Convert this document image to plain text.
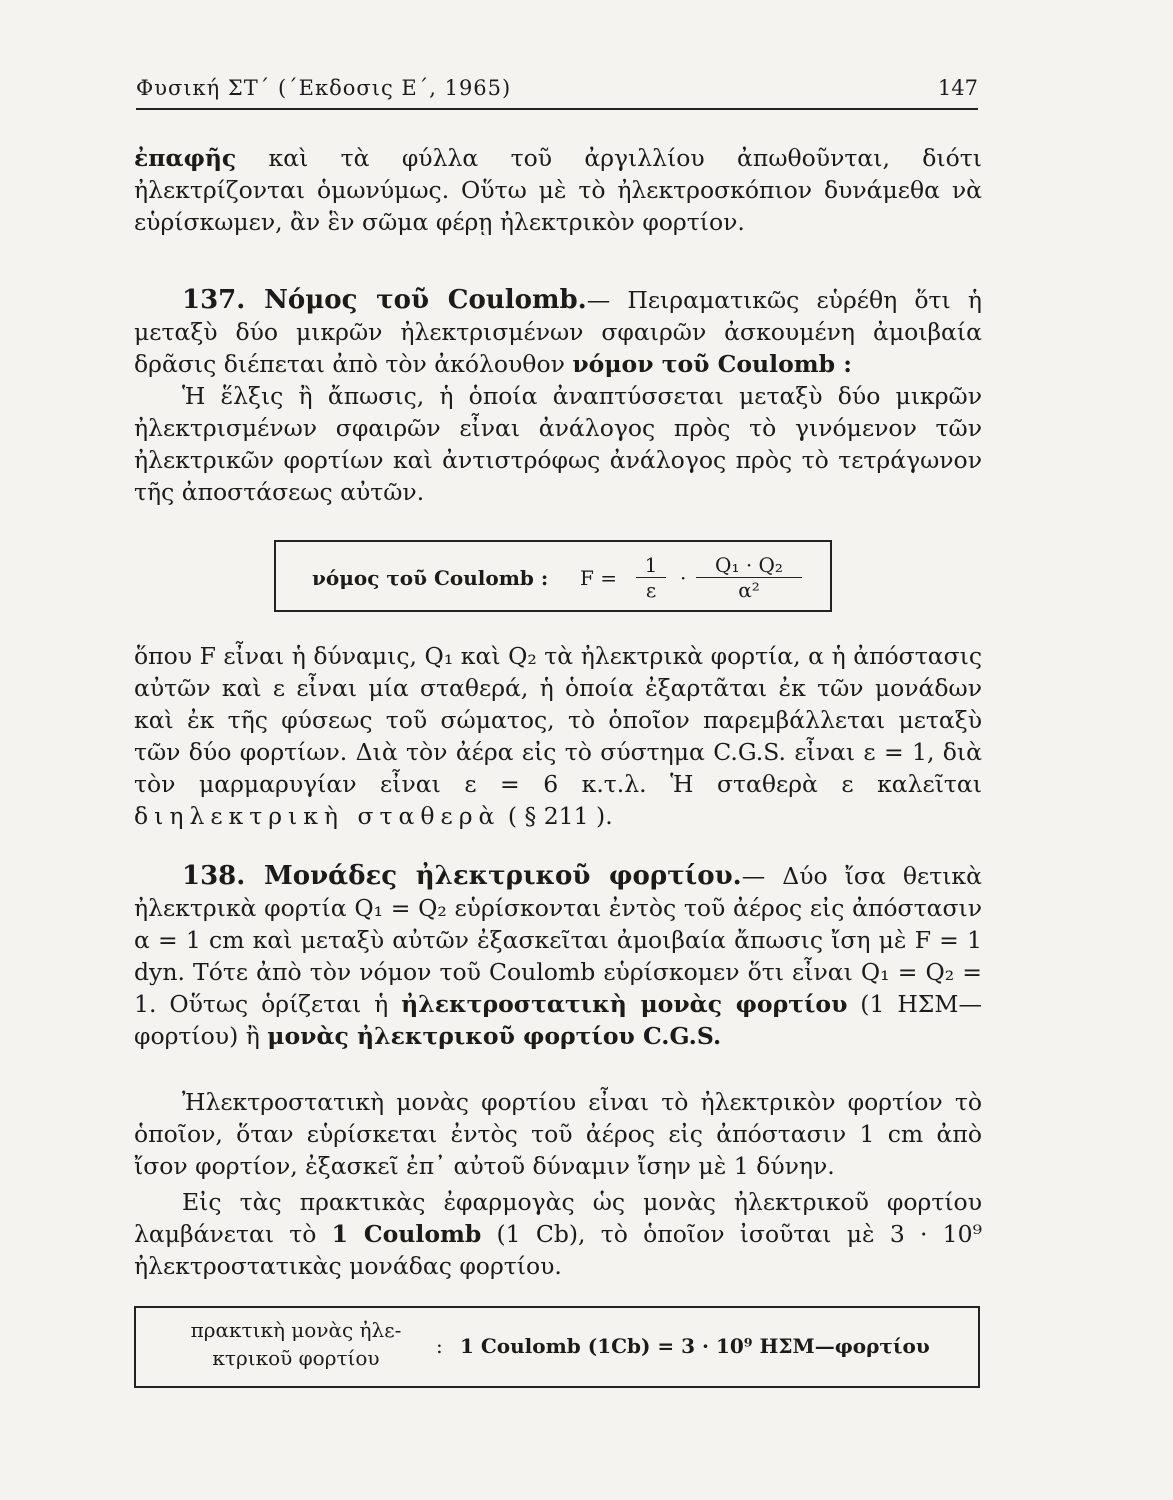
Φυσική ΣΤ΄ (΄Εκδοσις Ε΄, 1965)	147

ἐπαφῆς καὶ τὰ φύλλα τοῦ ἀργιλλίου ἀπωθοῦνται, διότι ἠλεκτρίζονται ὁμωνύμως. Οὕτω μὲ τὸ ἠλεκτροσκόπιον δυνάμεθα νὰ εὑρίσκωμεν, ἂν ἓν σῶμα φέρῃ ἠλεκτρικὸν φορτίον.

137. Νόμος τοῦ Coulomb.— Πειραματικῶς εὑρέθη ὅτι ἡ μεταξὺ δύο μικρῶν ἠλεκτρισμένων σφαιρῶν ἀσκουμένη ἀμοιβαία δρᾶσις διέπεται ἀπὸ τὸν ἀκόλουθον νόμον τοῦ Coulomb :

Ἡ ἕλξις ἢ ἄπωσις, ἡ ὁποία ἀναπτύσσεται μεταξὺ δύο μικρῶν ἠλεκτρισμένων σφαιρῶν εἶναι ἀνάλογος πρὸς τὸ γινόμενον τῶν ἠλεκτρικῶν φορτίων καὶ ἀντιστρόφως ἀνάλογος πρὸς τὸ τετράγωνον τῆς ἀποστάσεως αὐτῶν.

νόμος τοῦ Coulomb : $F = \frac{1}{\varepsilon} \cdot \frac{\text{Q₁ · Q₂}}{\text{α²}}$

ὅπου F εἶναι ἡ δύναμις, Q₁ καὶ Q₂ τὰ ἠλεκτρικὰ φορτία, α ἡ ἀπόστασις αὐτῶν καὶ ε εἶναι μία σταθερά, ἡ ὁποία ἐξαρτᾶται ἐκ τῶν μονάδων καὶ ἐκ τῆς φύσεως τοῦ σώματος, τὸ ὁποῖον παρεμβάλλεται μεταξὺ τῶν δύο φορτίων. Διὰ τὸν ἀέρα εἰς τὸ σύστημα C.G.S. εἶναι ε = 1, διὰ τὸν μαρμαρυγίαν εἶναι ε = 6 κ.τ.λ. Ἡ σταθερὰ ε καλεῖται διηλεκτρικὴ σταθερὰ ( § 211 ).

138. Μονάδες ἠλεκτρικοῦ φορτίου.— Δύο ἴσα θετικὰ ἠλεκτρικὰ φορτία Q₁ = Q₂ εὑρίσκονται ἐντὸς τοῦ ἀέρος εἰς ἀπόστασιν α = 1 cm καὶ μεταξὺ αὐτῶν ἐξασκεῖται ἀμοιβαία ἄπωσις ἴση μὲ F = 1 dyn. Τότε ἀπὸ τὸν νόμον τοῦ Coulomb εὑρίσκομεν ὅτι εἶναι Q₁ = Q₂ = 1. Οὕτως ὁρίζεται ἡ ἠλεκτροστατικὴ μονὰς φορτίου (1 ΗΣΜ—φορτίου) ἢ μονὰς ἠλεκτρικοῦ φορτίου C.G.S.

Ἠλεκτροστατικὴ μονὰς φορτίου εἶναι τὸ ἠλεκτρικὸν φορτίον τὸ ὁποῖον, ὅταν εὑρίσκεται ἐντὸς τοῦ ἀέρος εἰς ἀπόστασιν 1 cm ἀπὸ ἴσον φορτίον, ἐξασκεῖ ἐπ᾽ αὐτοῦ δύναμιν ἴσην μὲ 1 δύνην.

Εἰς τὰς πρακτικὰς ἐφαρμογὰς ὡς μονὰς ἠλεκτρικοῦ φορτίου λαμβάνεται τὸ 1 Coulomb (1 Cb), τὸ ὁποῖον ἰσοῦται μὲ 3 · 10⁹ ἠλεκτροστατικὰς μονάδας φορτίου.

πρακτικὴ μονὰς ἠλε-
κτρικοῦ φορτίου	: 1 Coulomb (1Cb) = 3 · 10⁹ ΗΣΜ—φορτίου
